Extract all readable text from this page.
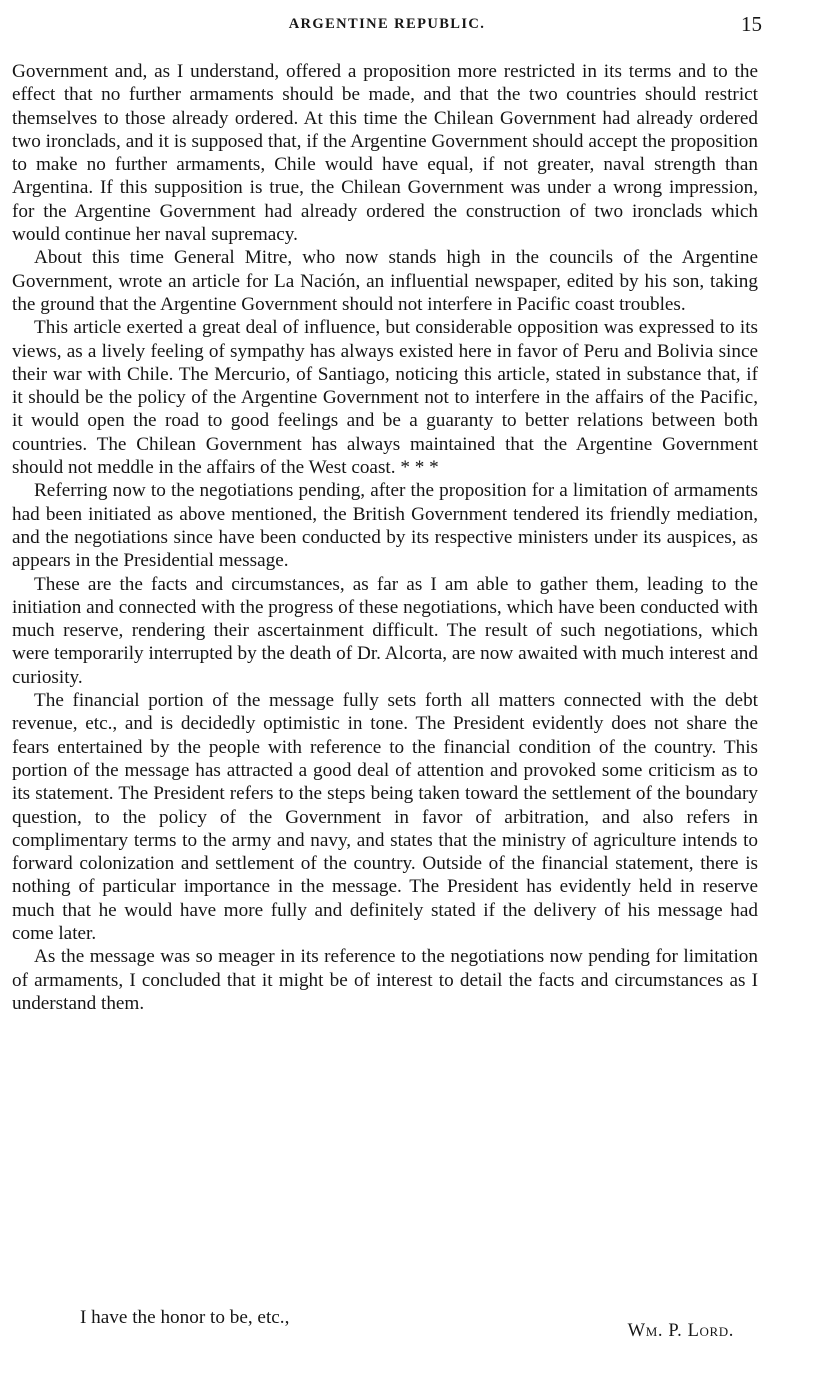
ARGENTINE REPUBLIC.	15

Government and, as I understand, offered a proposition more restricted in its terms and to the effect that no further armaments should be made, and that the two countries should restrict themselves to those already ordered. At this time the Chilean Government had already ordered two ironclads, and it is supposed that, if the Argentine Government should accept the proposition to make no further armaments, Chile would have equal, if not greater, naval strength than Argentina. If this supposition is true, the Chilean Government was under a wrong impression, for the Argentine Government had already ordered the construction of two ironclads which would continue her naval supremacy.

About this time General Mitre, who now stands high in the councils of the Argentine Government, wrote an article for La Nación, an influential newspaper, edited by his son, taking the ground that the Argentine Government should not interfere in Pacific coast troubles.

This article exerted a great deal of influence, but considerable opposition was expressed to its views, as a lively feeling of sympathy has always existed here in favor of Peru and Bolivia since their war with Chile. The Mercurio, of Santiago, noticing this article, stated in substance that, if it should be the policy of the Argentine Government not to interfere in the affairs of the Pacific, it would open the road to good feelings and be a guaranty to better relations between both countries. The Chilean Government has always maintained that the Argentine Government should not meddle in the affairs of the West coast. * * *

Referring now to the negotiations pending, after the proposition for a limitation of armaments had been initiated as above mentioned, the British Government tendered its friendly mediation, and the negotiations since have been conducted by its respective ministers under its auspices, as appears in the Presidential message.

These are the facts and circumstances, as far as I am able to gather them, leading to the initiation and connected with the progress of these negotiations, which have been conducted with much reserve, rendering their ascertainment difficult. The result of such negotiations, which were temporarily interrupted by the death of Dr. Alcorta, are now awaited with much interest and curiosity.

The financial portion of the message fully sets forth all matters connected with the debt revenue, etc., and is decidedly optimistic in tone. The President evidently does not share the fears entertained by the people with reference to the financial condition of the country. This portion of the message has attracted a good deal of attention and provoked some criticism as to its statement. The President refers to the steps being taken toward the settlement of the boundary question, to the policy of the Government in favor of arbitration, and also refers in complimentary terms to the army and navy, and states that the ministry of agriculture intends to forward colonization and settlement of the country. Outside of the financial statement, there is nothing of particular importance in the message. The President has evidently held in reserve much that he would have more fully and definitely stated if the delivery of his message had come later.

As the message was so meager in its reference to the negotiations now pending for limitation of armaments, I concluded that it might be of interest to detail the facts and circumstances as I understand them.

I have the honor to be, etc.,
Wm. P. Lord.
